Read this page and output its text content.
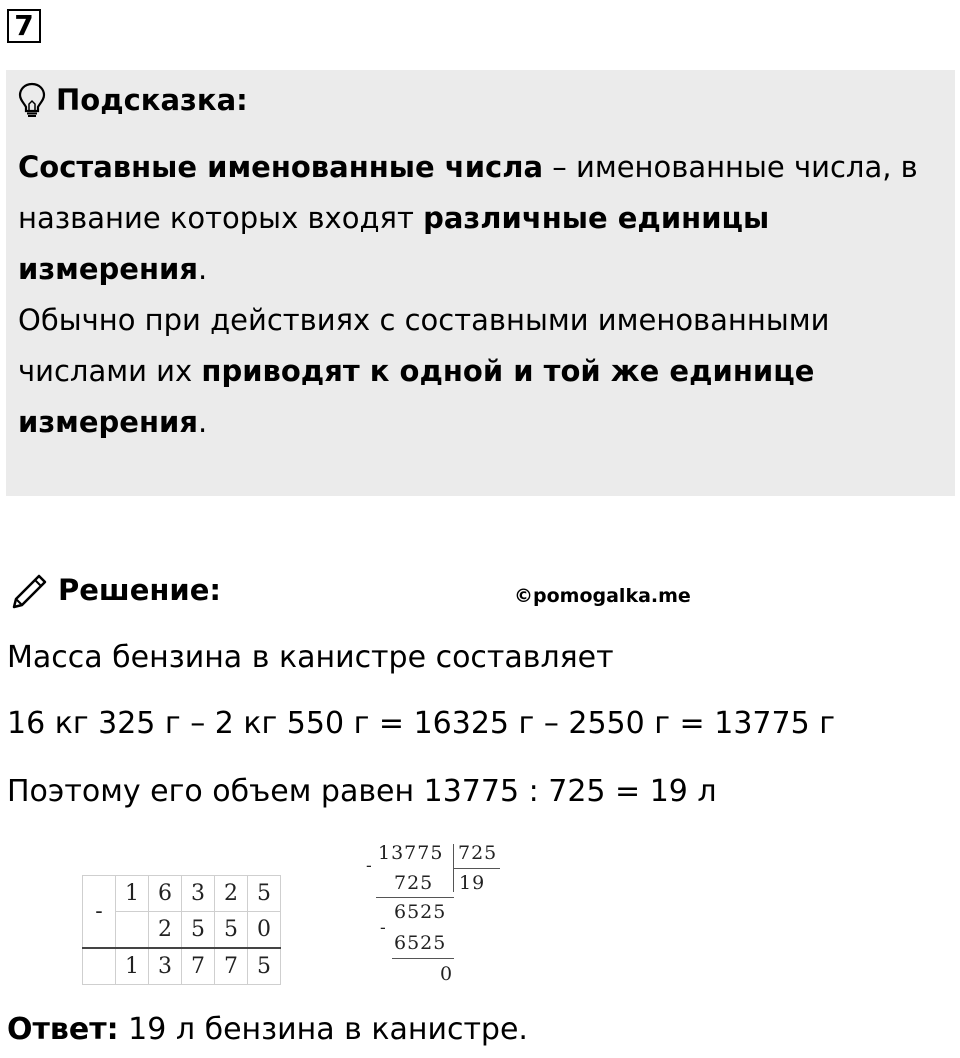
7
Подсказка:

Составные именованные числа – именованные числа, в название которых входят различные единицы измерения.

Обычно при действиях с составными именованными числами их приводят к одной и той же единице измерения.

Решение:	©pomogalka.me
Масса бензина в канистре составляет
16 кг 325 г – 2 кг 550 г = 16325 г – 2550 г = 13775 г
Поэтому его объем равен 13775 : 725 = 19 л
-	1	6	3	2	5
		2	5	5	0
	1	3	7	7	5
13775 725
-
725 19
6525
-
6525
0
Ответ: 19 л бензина в канистре.
